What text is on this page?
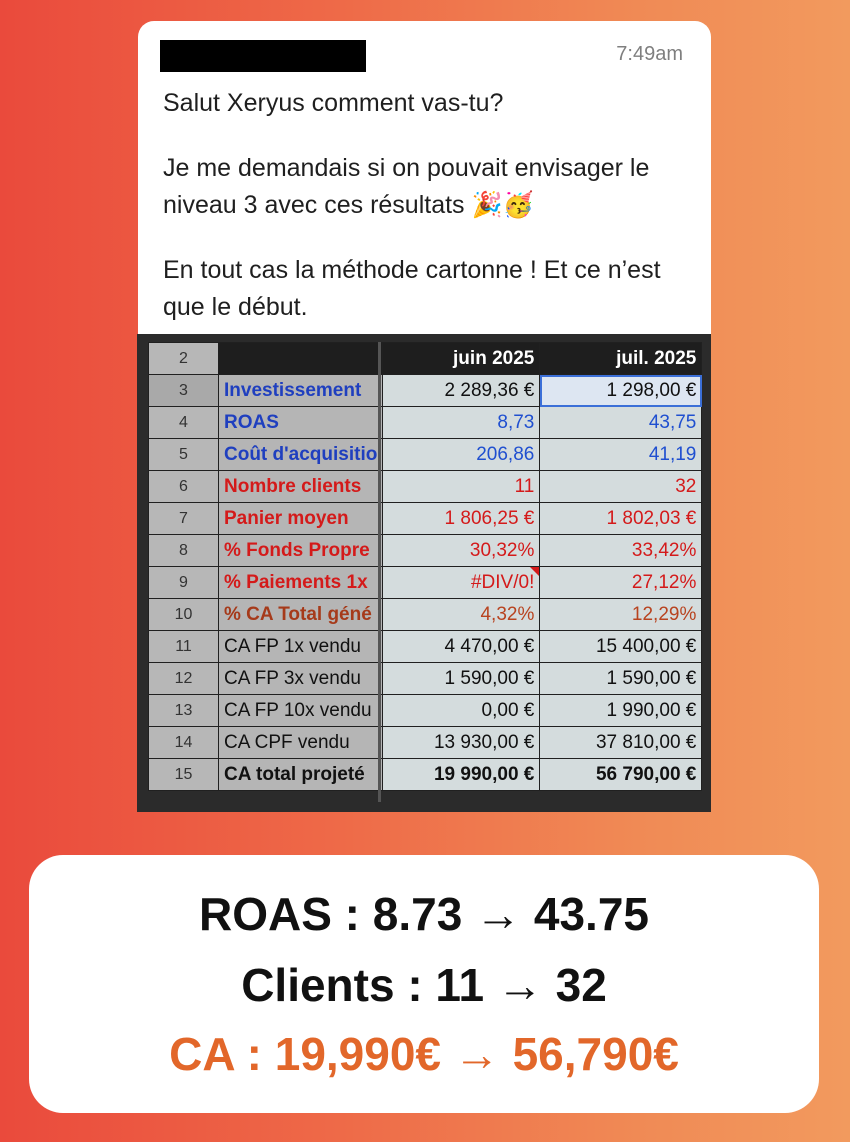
7:49am

Salut Xeryus comment vas-tu?

Je me demandais si on pouvait envisager le niveau 3 avec ces résultats 🎉🥳

En tout cas la méthode cartonne ! Et ce n’est que le début.

2		juin 2025	juil. 2025
3	Investissement	2 289,36 €	1 298,00 €
4	ROAS	8,73	43,75
5	Coût d'acquisitio	206,86	41,19
6	Nombre clients	11	32
7	Panier moyen	1 806,25 €	1 802,03 €
8	% Fonds Propre	30,32%	33,42%
9	% Paiements 1x	#DIV/0!	27,12%
10	% CA Total géné	4,32%	12,29%
11	CA FP 1x vendu	4 470,00 €	15 400,00 €
12	CA FP 3x vendu	1 590,00 €	1 590,00 €
13	CA FP 10x vendu	0,00 €	1 990,00 €
14	CA CPF vendu	13 930,00 €	37 810,00 €
15	CA total projeté	19 990,00 €	56 790,00 €
ROAS : 8.73 → 43.75
Clients : 11 → 32
CA : 19,990€ → 56,790€
